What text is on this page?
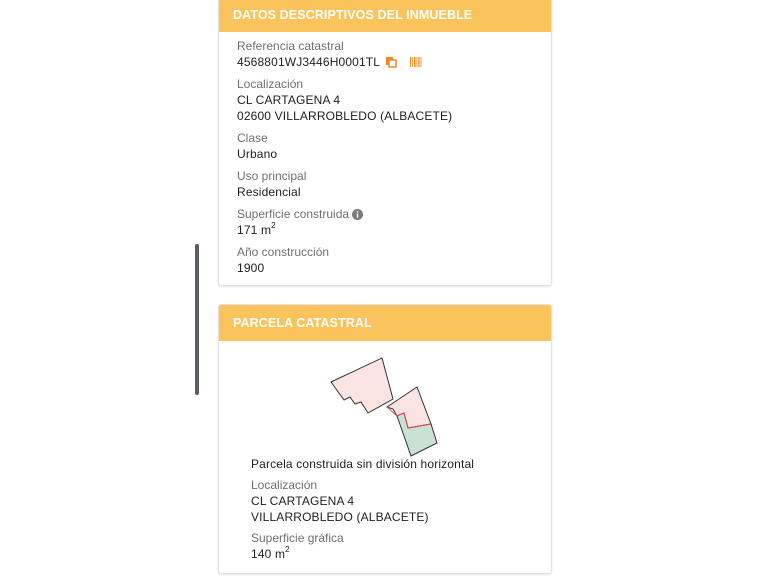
DATOS DESCRIPTIVOS DEL INMUEBLE
Referencia catastral
4568801WJ3446H0001TL
Localización
CL CARTAGENA 4
02600 VILLARROBLEDO (ALBACETE)
Clase
Urbano
Uso principal
Residencial
Superficie construida
171 $m^2$
Año construcción
1900
PARCELA CATASTRAL
Parcela construida sin división horizontal
Localización
CL CARTAGENA 4
VILLARROBLEDO (ALBACETE)
Superficie gráfica
140 $m^2$
